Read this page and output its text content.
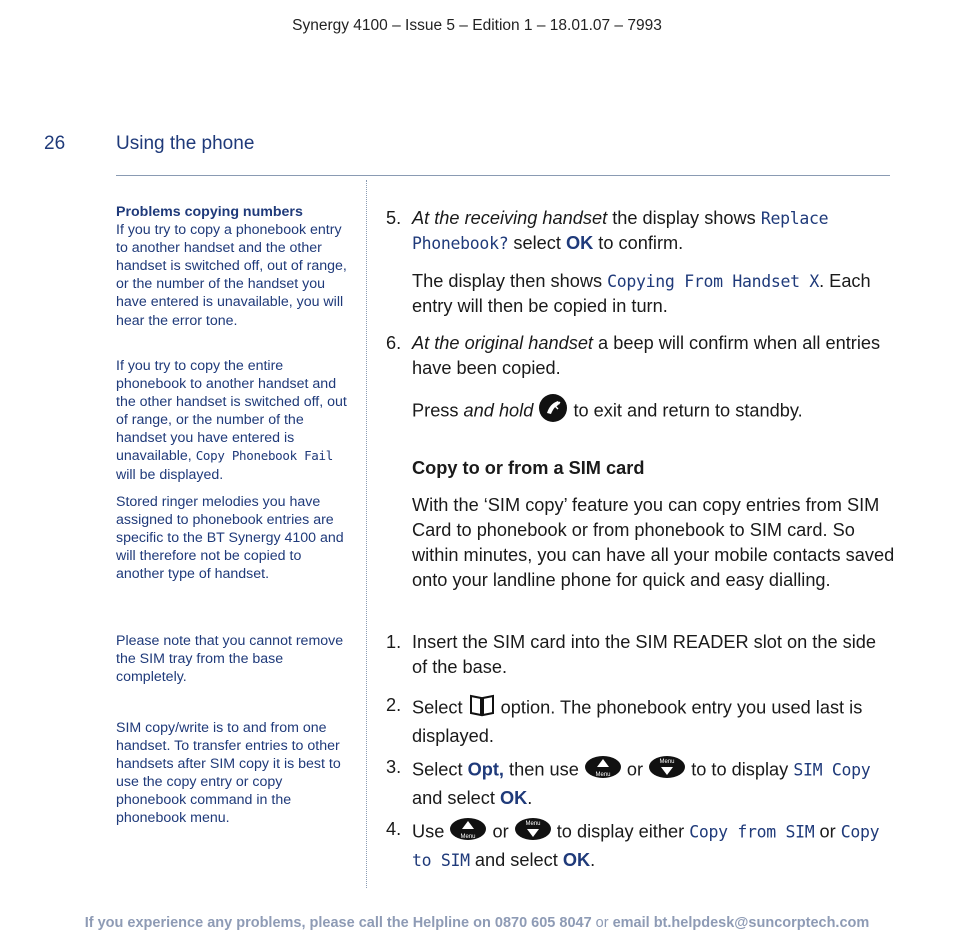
Synergy 4100 – Issue 5 – Edition 1 – 18.01.07 – 7993
26	Using the phone

Problems copying numbers

If you try to copy a phonebook entry to another handset and the other handset is switched off, out of range, or the number of the handset you have entered is unavailable, you will hear the error tone.

If you try to copy the entire phonebook to another handset and the other handset is switched off, out of range, or the number of the handset you have entered is unavailable, Copy Phonebook Fail will be displayed.

Stored ringer melodies you have assigned to phonebook entries are specific to the BT Synergy 4100 and will therefore not be copied to another type of handset.
Please note that you cannot remove the SIM tray from the base completely.
SIM copy/write is to and from one handset. To transfer entries to other handsets after SIM copy it is best to use the copy entry or copy phonebook command in the phonebook menu.
5. At the receiving handset the display shows Replace Phonebook? select OK to confirm.

The display then shows Copying From Handset X. Each entry will then be copied in turn.

6. At the original handset a beep will confirm when all entries have been copied.

Press and hold  to exit and return to standby.

Copy to or from a SIM card

With the ‘SIM copy’ feature you can copy entries from SIM Card to phonebook or from phonebook to SIM card. So within minutes, you can have all your mobile contacts saved onto your landline phone for quick and easy dialling.

1. Insert the SIM card into the SIM READER slot on the side of the base.

2. Select  option. The phonebook entry you used last is displayed.

3. Select Opt, then use Menu or Menu to to display SIM Copy and select OK.

4. Use Menu or Menu to display either Copy from SIM or Copy to SIM and select OK.

If you experience any problems, please call the Helpline on 0870 605 8047 or email bt.helpdesk@suncorptech.com
